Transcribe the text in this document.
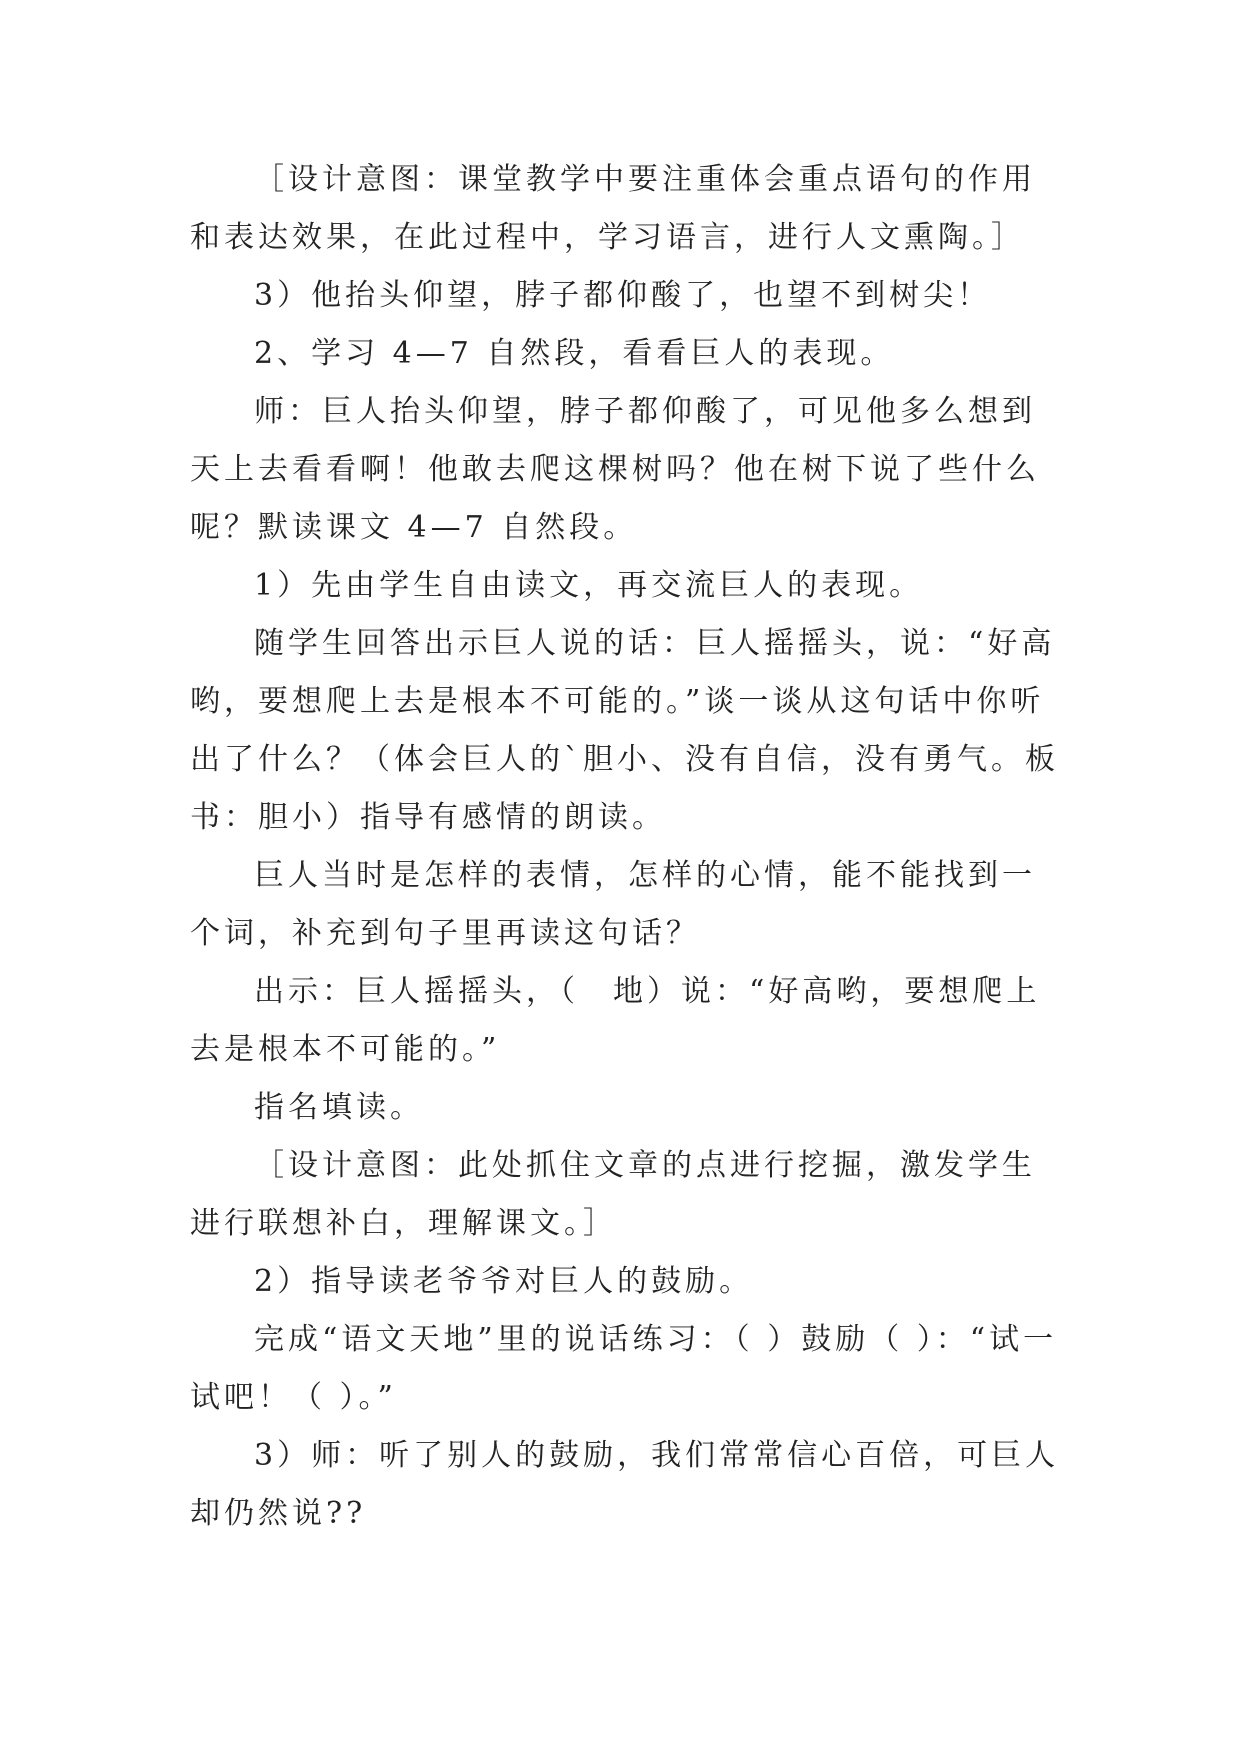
［设计意图：课堂教学中要注重体会重点语句的作用和表达效果，在此过程中，学习语言，进行人文熏陶。］

3）他抬头仰望，脖子都仰酸了，也望不到树尖！

2、学习 4—7 自然段，看看巨人的表现。

师：巨人抬头仰望，脖子都仰酸了，可见他多么想到天上去看看啊！他敢去爬这棵树吗？他在树下说了些什么呢？默读课文 4—7 自然段。

1）先由学生自由读文，再交流巨人的表现。

随学生回答出示巨人说的话：巨人摇摇头，说：“好高哟，要想爬上去是根本不可能的。”谈一谈从这句话中你听出了什么？（体会巨人的`胆小、没有自信，没有勇气。板书：胆小）指导有感情的朗读。

巨人当时是怎样的表情，怎样的心情，能不能找到一个词，补充到句子里再读这句话？

出示：巨人摇摇头，（　地）说：“好高哟，要想爬上去是根本不可能的。”

指名填读。

［设计意图：此处抓住文章的点进行挖掘，激发学生进行联想补白，理解课文。］

2）指导读老爷爷对巨人的鼓励。

完成“语文天地”里的说话练习：（ ）鼓励（ ）：“试一试吧！（ ）。”

3）师：听了别人的鼓励，我们常常信心百倍，可巨人却仍然说??
